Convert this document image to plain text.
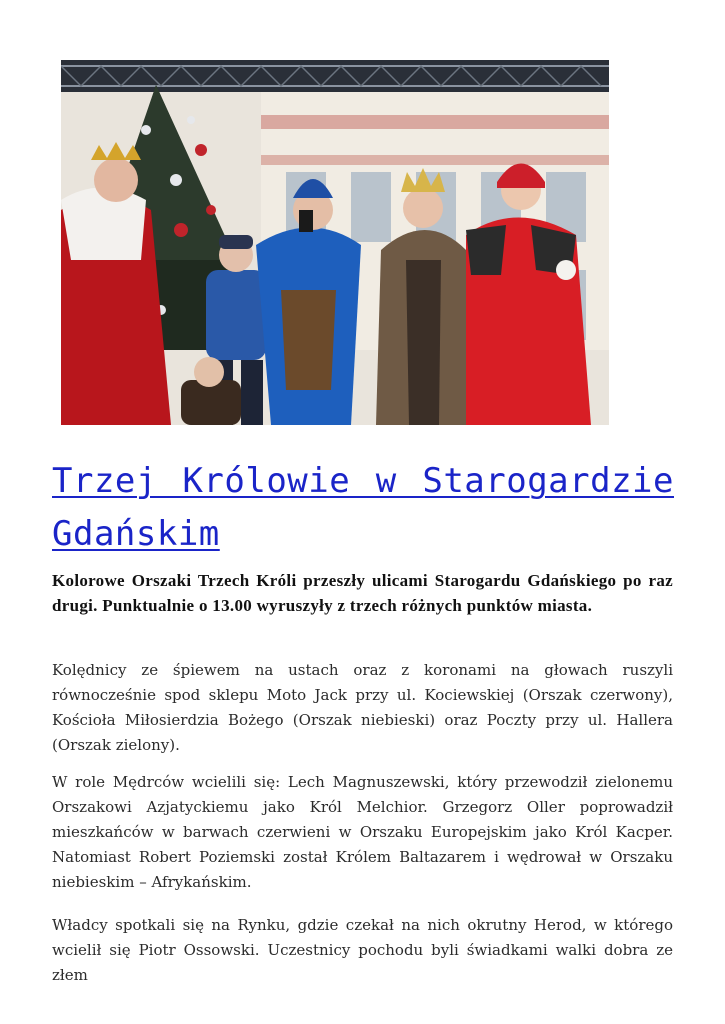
Trzej Królowie w Starogardzie Gdańskim

Kolorowe Orszaki Trzech Króli przeszły ulicami Starogardu Gdańskiego po raz drugi. Punktualnie o 13.00 wyruszyły z trzech różnych punktów miasta.

Kolędnicy ze śpiewem na ustach oraz z koronami na głowach ruszyli równocześnie spod sklepu Moto Jack przy ul. Kociewskiej (Orszak czerwony), Kościoła Miłosierdzia Bożego (Orszak niebieski) oraz Poczty przy ul. Hallera (Orszak zielony).

W role Mędrców wcielili się: Lech Magnuszewski, który przewodził zielonemu Orszakowi Azjatyckiemu jako Król Melchior. Grzegorz Oller poprowadził mieszkańców w barwach czerwieni w Orszaku Europejskim jako Król Kacper. Natomiast Robert Poziemski został Królem Baltazarem i wędrował w Orszaku niebieskim – Afrykańskim.

Władcy spotkali się na Rynku, gdzie czekał na nich okrutny Herod, w którego wcielił się Piotr Ossowski. Uczestnicy pochodu byli świadkami walki dobra ze złem
